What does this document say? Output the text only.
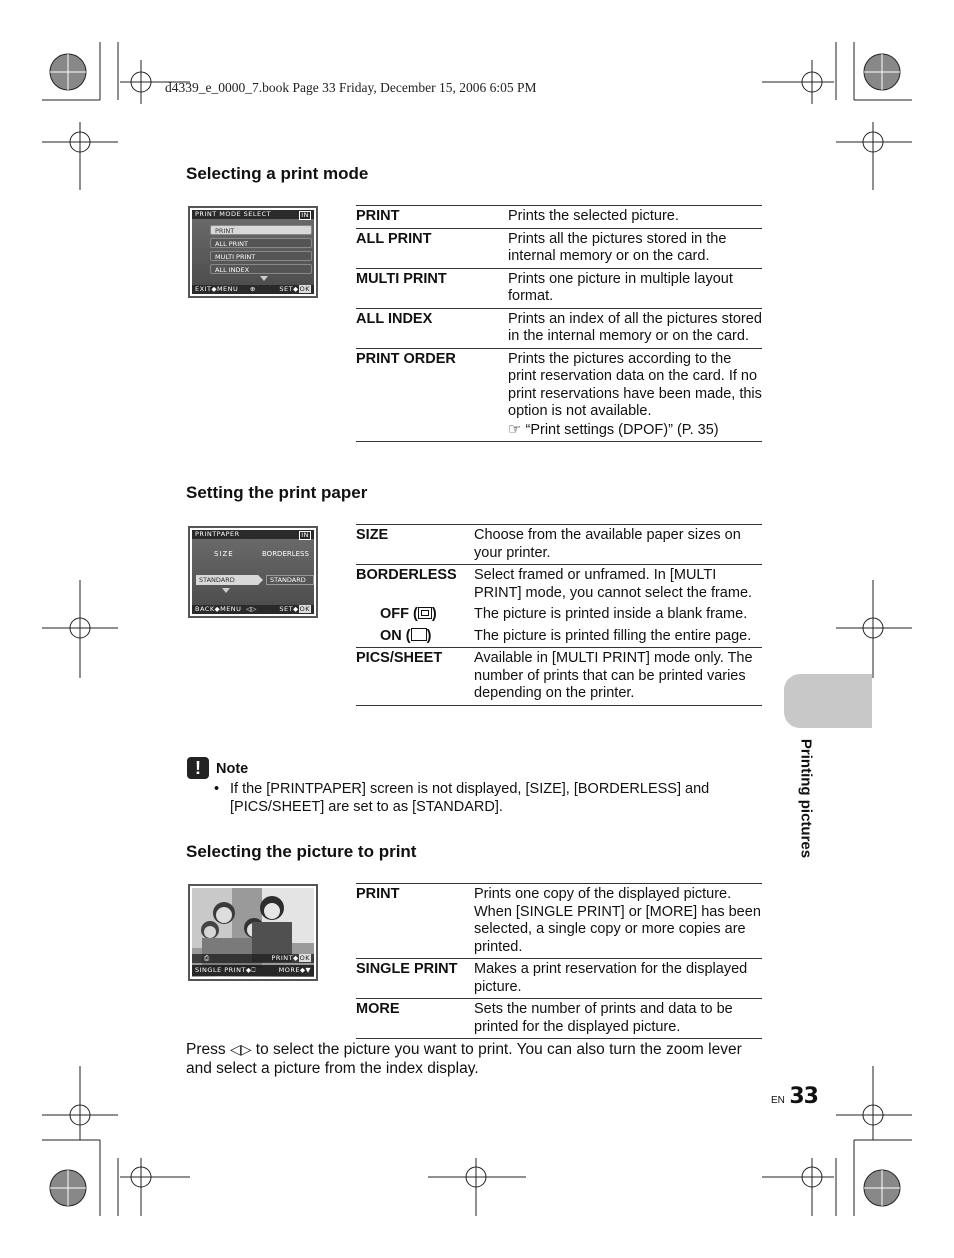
d4339_e_0000_7.book Page 33 Friday, December 15, 2006 6:05 PM
Selecting a print mode
PRINT MODE SELECT	IN
PRINT
ALL PRINT
MULTI PRINT
ALL INDEX
EXIT◆MENU ⊕	SET◆OK
PRINT	Prints the selected picture.
ALL PRINT	Prints all the pictures stored in the internal memory or on the card.
MULTI PRINT	Prints one picture in multiple layout format.
ALL INDEX	Prints an index of all the pictures stored in the internal memory or on the card.
PRINT ORDER	Prints the pictures according to the print reservation data on the card. If no print reservations have been made, this option is not available.
☞ “Print settings (DPOF)” (P. 35)
Setting the print paper
PRINTPAPER	IN
SIZE	BORDERLESS
STANDARD	STANDARD
BACK◆MENU ◁▷	SET◆OK
SIZE	Choose from the available paper sizes on your printer.
BORDERLESS	Select framed or unframed. In [MULTI PRINT] mode, you cannot select the frame.
OFF ( )	The picture is printed inside a blank frame.
ON ( )	The picture is printed filling the entire page.
PICS/SHEET	Available in [MULTI PRINT] mode only. The number of prints that can be printed varies depending on the printer.
!	Note
• If the [PRINTPAPER] screen is not displayed, [SIZE], [BORDERLESS] and [PICS/SHEET] are set to as [STANDARD].
Selecting the picture to print
⎙	PRINT◆OK
SINGLE PRINT◆⎕	MORE◆▼
PRINT	Prints one copy of the displayed picture. When [SINGLE PRINT] or [MORE] has been selected, a single copy or more copies are printed.
SINGLE PRINT	Makes a print reservation for the displayed picture.
MORE	Sets the number of prints and data to be printed for the displayed picture.
Press ◁▷ to select the picture you want to print. You can also turn the zoom lever and select a picture from the index display.
Printing pictures
EN 33
